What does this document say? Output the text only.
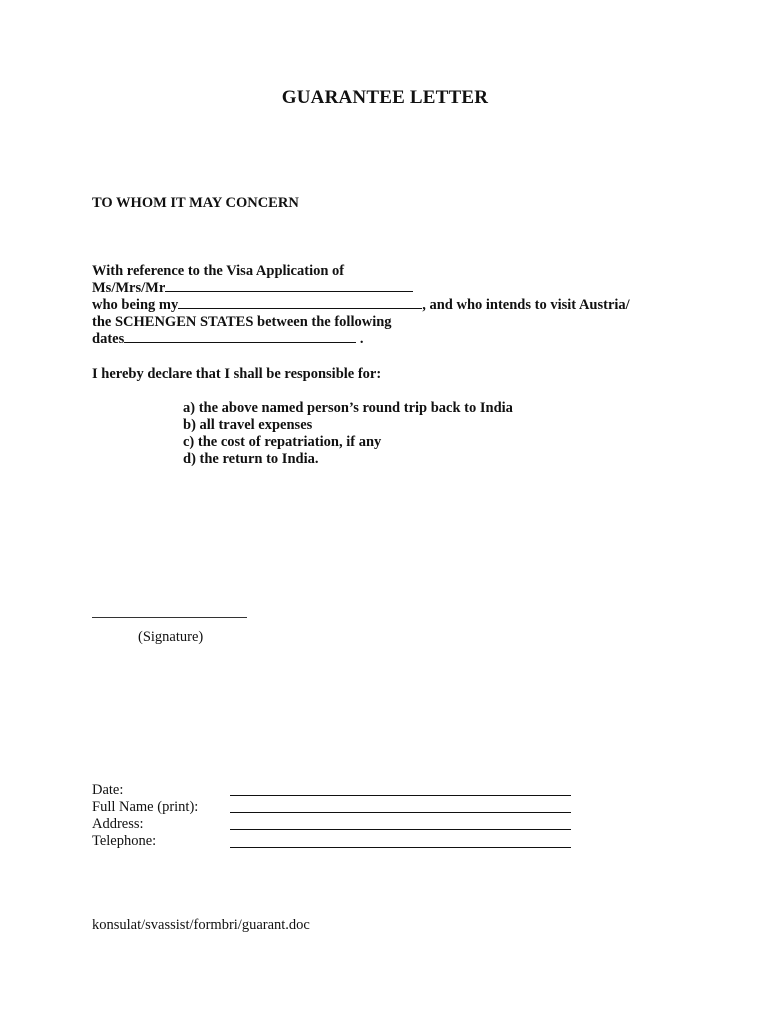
GUARANTEE LETTER
TO WHOM IT MAY CONCERN
With reference to the Visa Application of
Ms/Mrs/Mr
who being my	, and who intends to visit Austria/
the SCHENGEN STATES between the following
dates	.
I hereby declare that I shall be responsible for:
a) the above named person’s round trip back to India
b) all travel expenses
c) the cost of repatriation, if any
d) the return to India.
(Signature)
Date:
Full Name (print):
Address:
Telephone:
konsulat/svassist/formbri/guarant.doc
